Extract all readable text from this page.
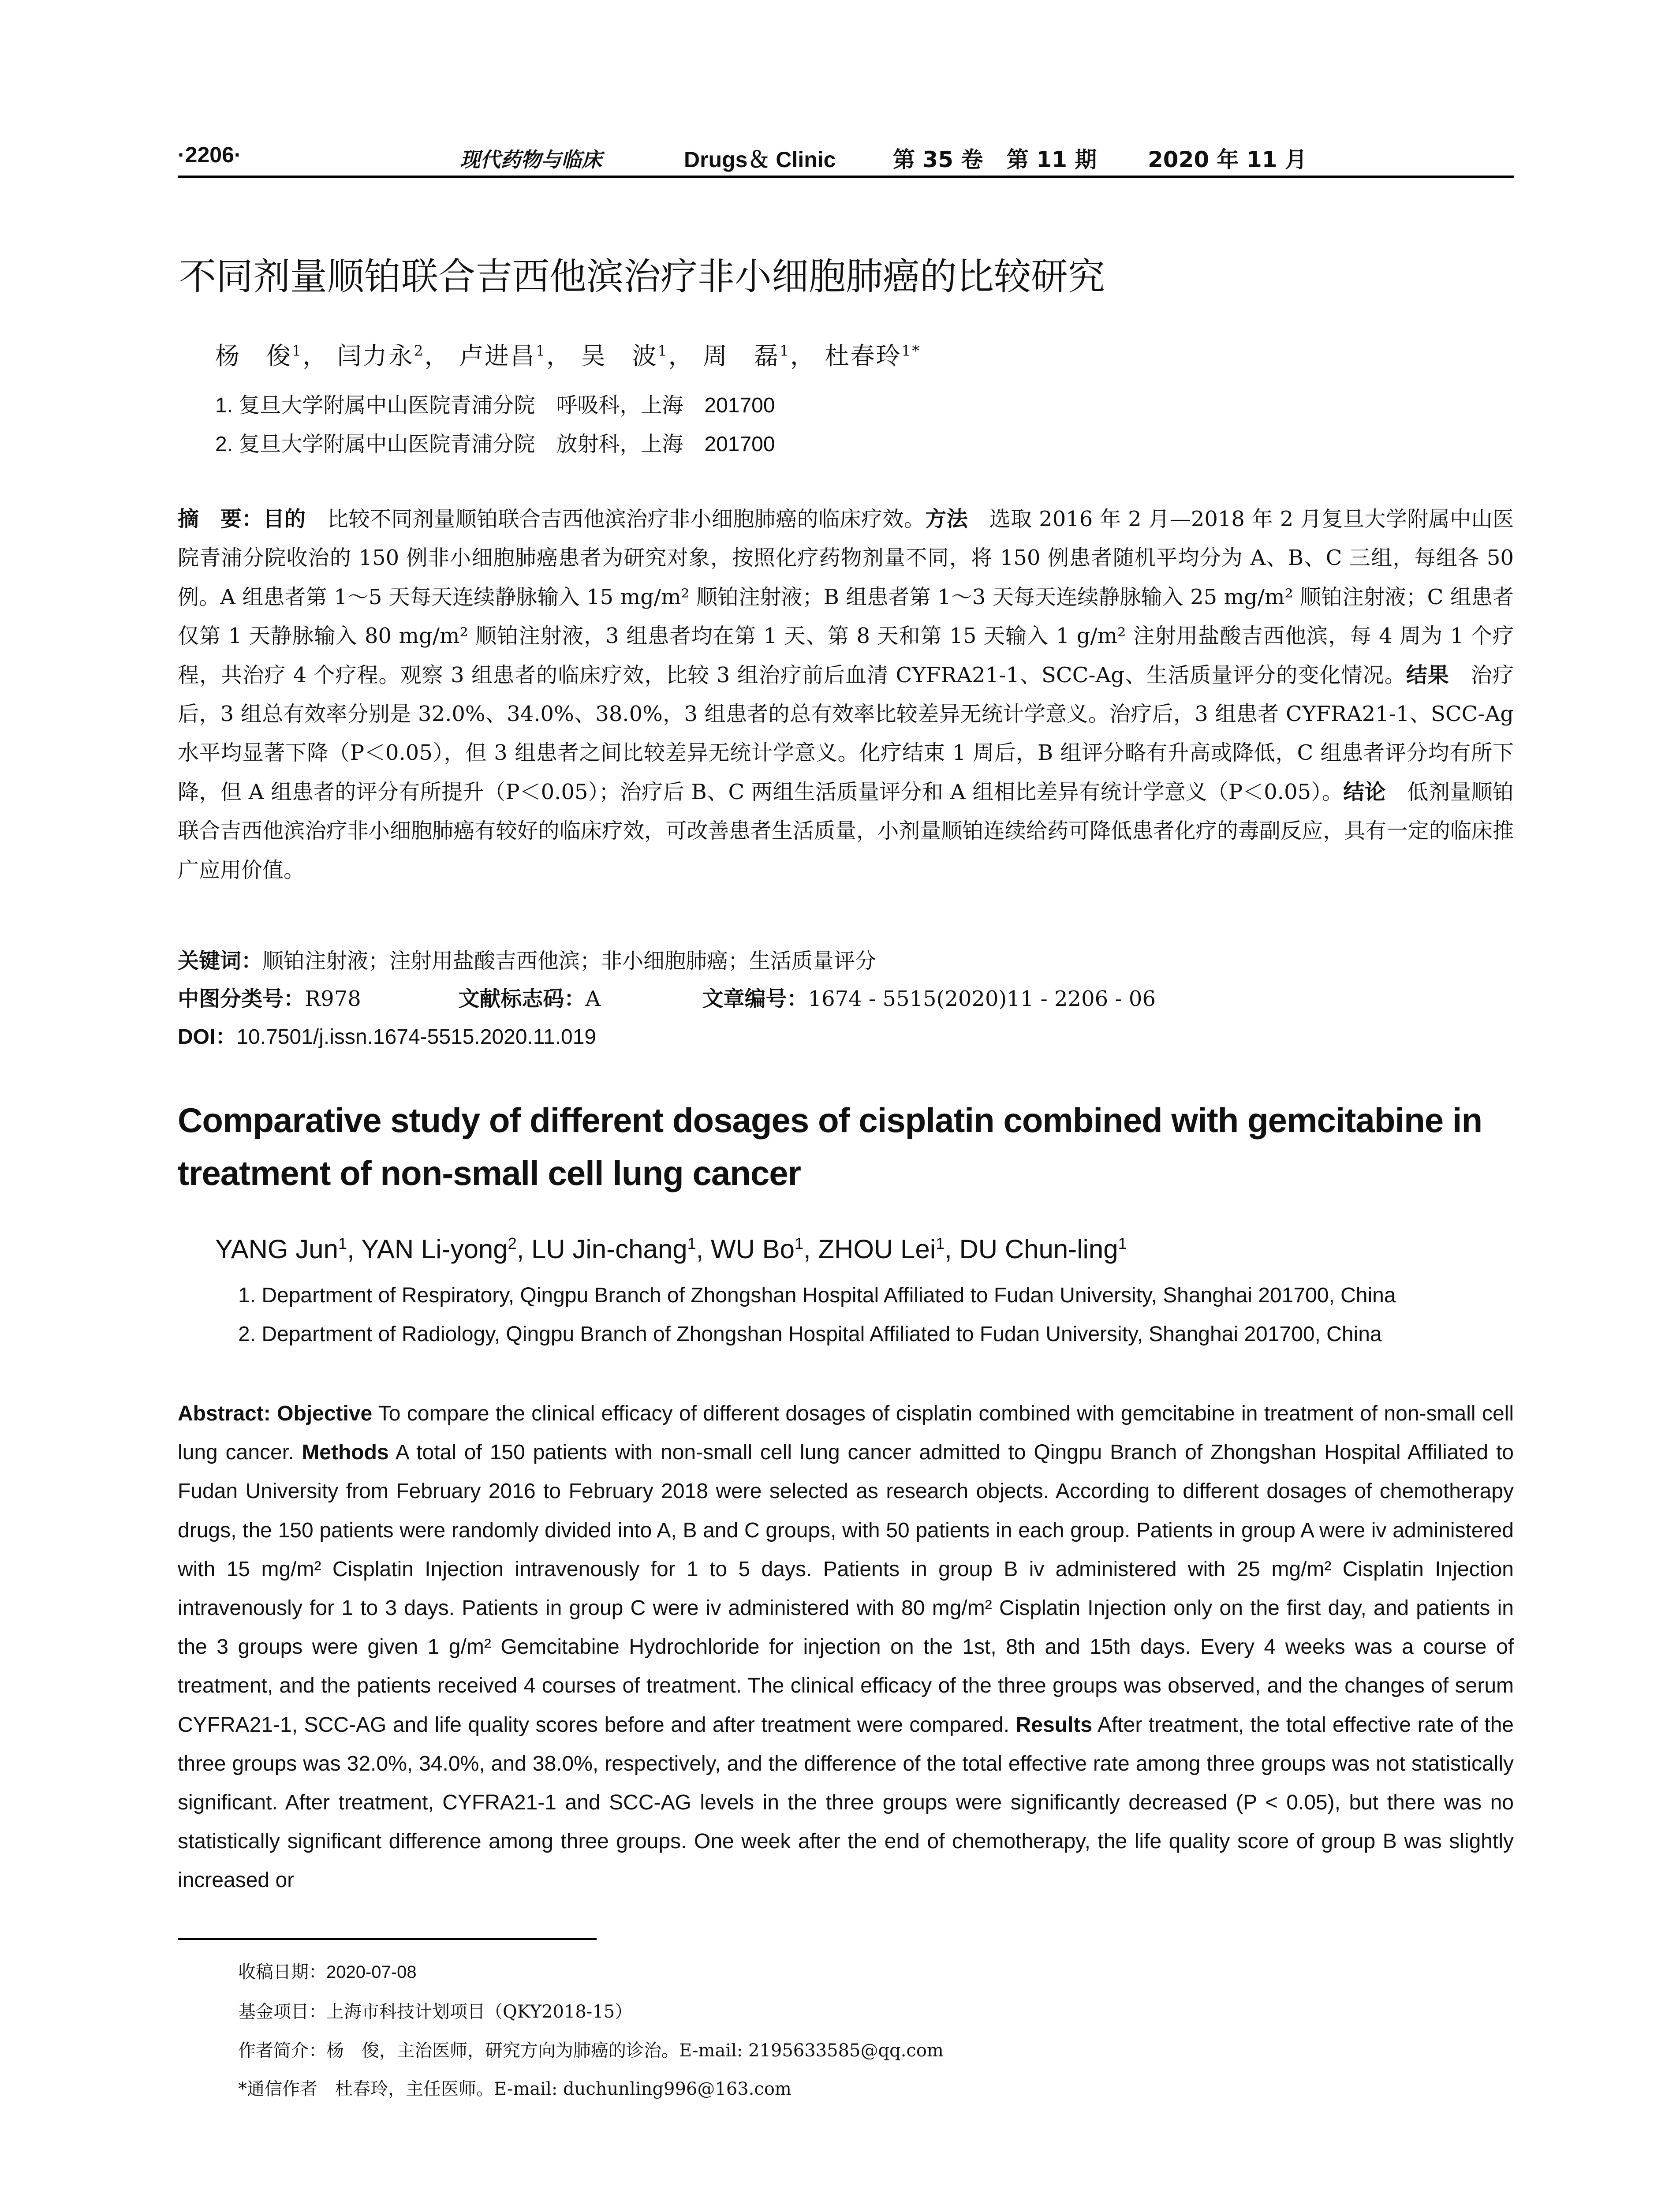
·2206·	现代药物与临床	Drugs＆ Clinic	第 35 卷 第 11 期 2020 年 11 月
不同剂量顺铂联合吉西他滨治疗非小细胞肺癌的比较研究
杨　俊$^1$， 闫力永$^2$， 卢进昌$^1$， 吴　波$^1$， 周　磊$^1$， 杜春玲$^{1*}$
1. 复旦大学附属中山医院青浦分院　呼吸科，上海　201700
2. 复旦大学附属中山医院青浦分院　放射科，上海　201700
摘　要：目的　比较不同剂量顺铂联合吉西他滨治疗非小细胞肺癌的临床疗效。方法　选取 2016 年 2 月—2018 年 2 月复旦大学附属中山医院青浦分院收治的 150 例非小细胞肺癌患者为研究对象，按照化疗药物剂量不同，将 150 例患者随机平均分为 A、B、C 三组，每组各 50 例。A 组患者第 1～5 天每天连续静脉输入 15 mg/m² 顺铂注射液；B 组患者第 1～3 天每天连续静脉输入 25 mg/m² 顺铂注射液；C 组患者仅第 1 天静脉输入 80 mg/m² 顺铂注射液，3 组患者均在第 1 天、第 8 天和第 15 天输入 1 g/m² 注射用盐酸吉西他滨，每 4 周为 1 个疗程，共治疗 4 个疗程。观察 3 组患者的临床疗效，比较 3 组治疗前后血清 CYFRA21-1、SCC-Ag、生活质量评分的变化情况。结果　治疗后，3 组总有效率分别是 32.0%、34.0%、38.0%，3 组患者的总有效率比较差异无统计学意义。治疗后，3 组患者 CYFRA21-1、SCC-Ag 水平均显著下降（P＜0.05），但 3 组患者之间比较差异无统计学意义。化疗结束 1 周后，B 组评分略有升高或降低，C 组患者评分均有所下降，但 A 组患者的评分有所提升（P＜0.05）；治疗后 B、C 两组生活质量评分和 A 组相比差异有统计学意义（P＜0.05）。结论　低剂量顺铂联合吉西他滨治疗非小细胞肺癌有较好的临床疗效，可改善患者生活质量，小剂量顺铂连续给药可降低患者化疗的毒副反应，具有一定的临床推广应用价值。
关键词：顺铂注射液；注射用盐酸吉西他滨；非小细胞肺癌；生活质量评分
中图分类号：R978	文献标志码：A	文章编号：1674 - 5515(2020)11 - 2206 - 06
DOI：10.7501/j.issn.1674-5515.2020.11.019
Comparative study of different dosages of cisplatin combined with gemcitabine in treatment of non-small cell lung cancer
YANG Jun$^1$, YAN Li-yong$^2$, LU Jin-chang$^1$, WU Bo$^1$, ZHOU Lei$^1$, DU Chun-ling$^1$
1. Department of Respiratory, Qingpu Branch of Zhongshan Hospital Affiliated to Fudan University, Shanghai 201700, China
2. Department of Radiology, Qingpu Branch of Zhongshan Hospital Affiliated to Fudan University, Shanghai 201700, China
Abstract: Objective To compare the clinical efficacy of different dosages of cisplatin combined with gemcitabine in treatment of non-small cell lung cancer. Methods A total of 150 patients with non-small cell lung cancer admitted to Qingpu Branch of Zhongshan Hospital Affiliated to Fudan University from February 2016 to February 2018 were selected as research objects. According to different dosages of chemotherapy drugs, the 150 patients were randomly divided into A, B and C groups, with 50 patients in each group. Patients in group A were iv administered with 15 mg/m² Cisplatin Injection intravenously for 1 to 5 days. Patients in group B iv administered with 25 mg/m² Cisplatin Injection intravenously for 1 to 3 days. Patients in group C were iv administered with 80 mg/m² Cisplatin Injection only on the first day, and patients in the 3 groups were given 1 g/m² Gemcitabine Hydrochloride for injection on the 1st, 8th and 15th days. Every 4 weeks was a course of treatment, and the patients received 4 courses of treatment. The clinical efficacy of the three groups was observed, and the changes of serum CYFRA21-1, SCC-AG and life quality scores before and after treatment were compared. Results After treatment, the total effective rate of the three groups was 32.0%, 34.0%, and 38.0%, respectively, and the difference of the total effective rate among three groups was not statistically significant. After treatment, CYFRA21-1 and SCC-AG levels in the three groups were significantly decreased (P < 0.05), but there was no statistically significant difference among three groups. One week after the end of chemotherapy, the life quality score of group B was slightly increased or
收稿日期：2020-07-08
基金项目：上海市科技计划项目（QKY2018-15）
作者简介：杨　俊，主治医师，研究方向为肺癌的诊治。E-mail: 2195633585@qq.com
*通信作者　杜春玲，主任医师。E-mail: duchunling996@163.com
